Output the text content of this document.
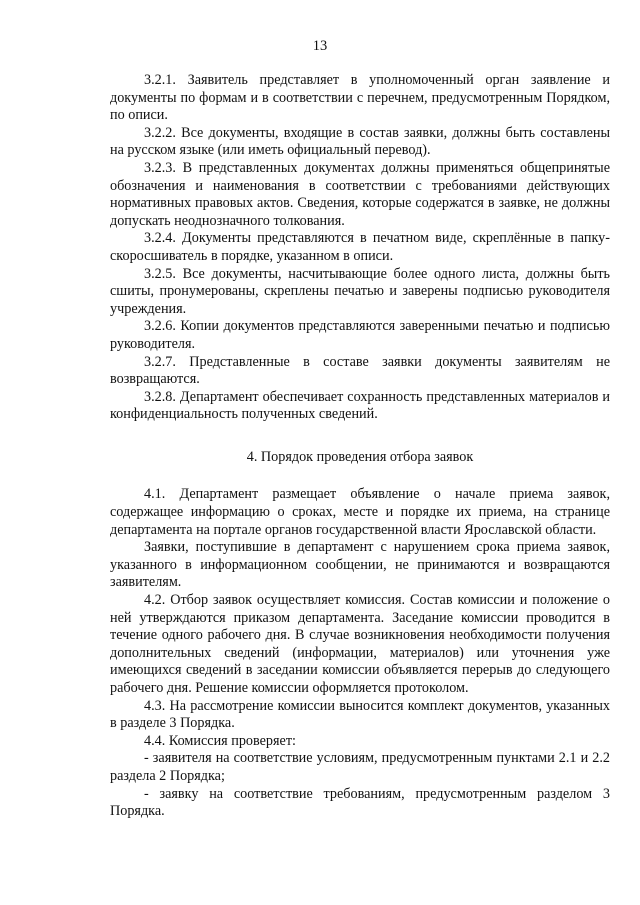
13

3.2.1. Заявитель представляет в уполномоченный орган заявление и документы по формам и в соответствии с перечнем, предусмотренным Порядком, по описи.

3.2.2. Все документы, входящие в состав заявки, должны быть составлены на русском языке (или иметь официальный перевод).

3.2.3. В представленных документах должны применяться общепринятые обозначения и наименования в соответствии с требованиями действующих нормативных правовых актов. Сведения, которые содержатся в заявке, не должны допускать неоднозначного толкования.

3.2.4. Документы представляются в печатном виде, скреплённые в папку-скоросшиватель в порядке, указанном в описи.

3.2.5. Все документы, насчитывающие более одного листа, должны быть сшиты, пронумерованы, скреплены печатью и заверены подписью руководителя учреждения.

3.2.6. Копии документов представляются заверенными печатью и подписью руководителя.

3.2.7. Представленные в составе заявки документы заявителям не возвращаются.

3.2.8. Департамент обеспечивает сохранность представленных материалов и конфиденциальность полученных сведений.

4. Порядок проведения отбора заявок

4.1. Департамент размещает объявление о начале приема заявок, содержащее информацию о сроках, месте и порядке их приема, на странице департамента на портале органов государственной власти Ярославской области.

Заявки, поступившие в департамент с нарушением срока приема заявок, указанного в информационном сообщении, не принимаются и возвращаются заявителям.

4.2. Отбор заявок осуществляет комиссия. Состав комиссии и положение о ней утверждаются приказом департамента. Заседание комиссии проводится в течение одного рабочего дня. В случае возникновения необходимости получения дополнительных сведений (информации, материалов) или уточнения уже имеющихся сведений в заседании комиссии объявляется перерыв до следующего рабочего дня. Решение комиссии оформляется протоколом.

4.3. На рассмотрение комиссии выносится комплект документов, указанных в разделе 3 Порядка.

4.4. Комиссия проверяет:

- заявителя на соответствие условиям, предусмотренным пунктами 2.1 и 2.2 раздела 2 Порядка;

- заявку на соответствие требованиям, предусмотренным разделом 3 Порядка.
